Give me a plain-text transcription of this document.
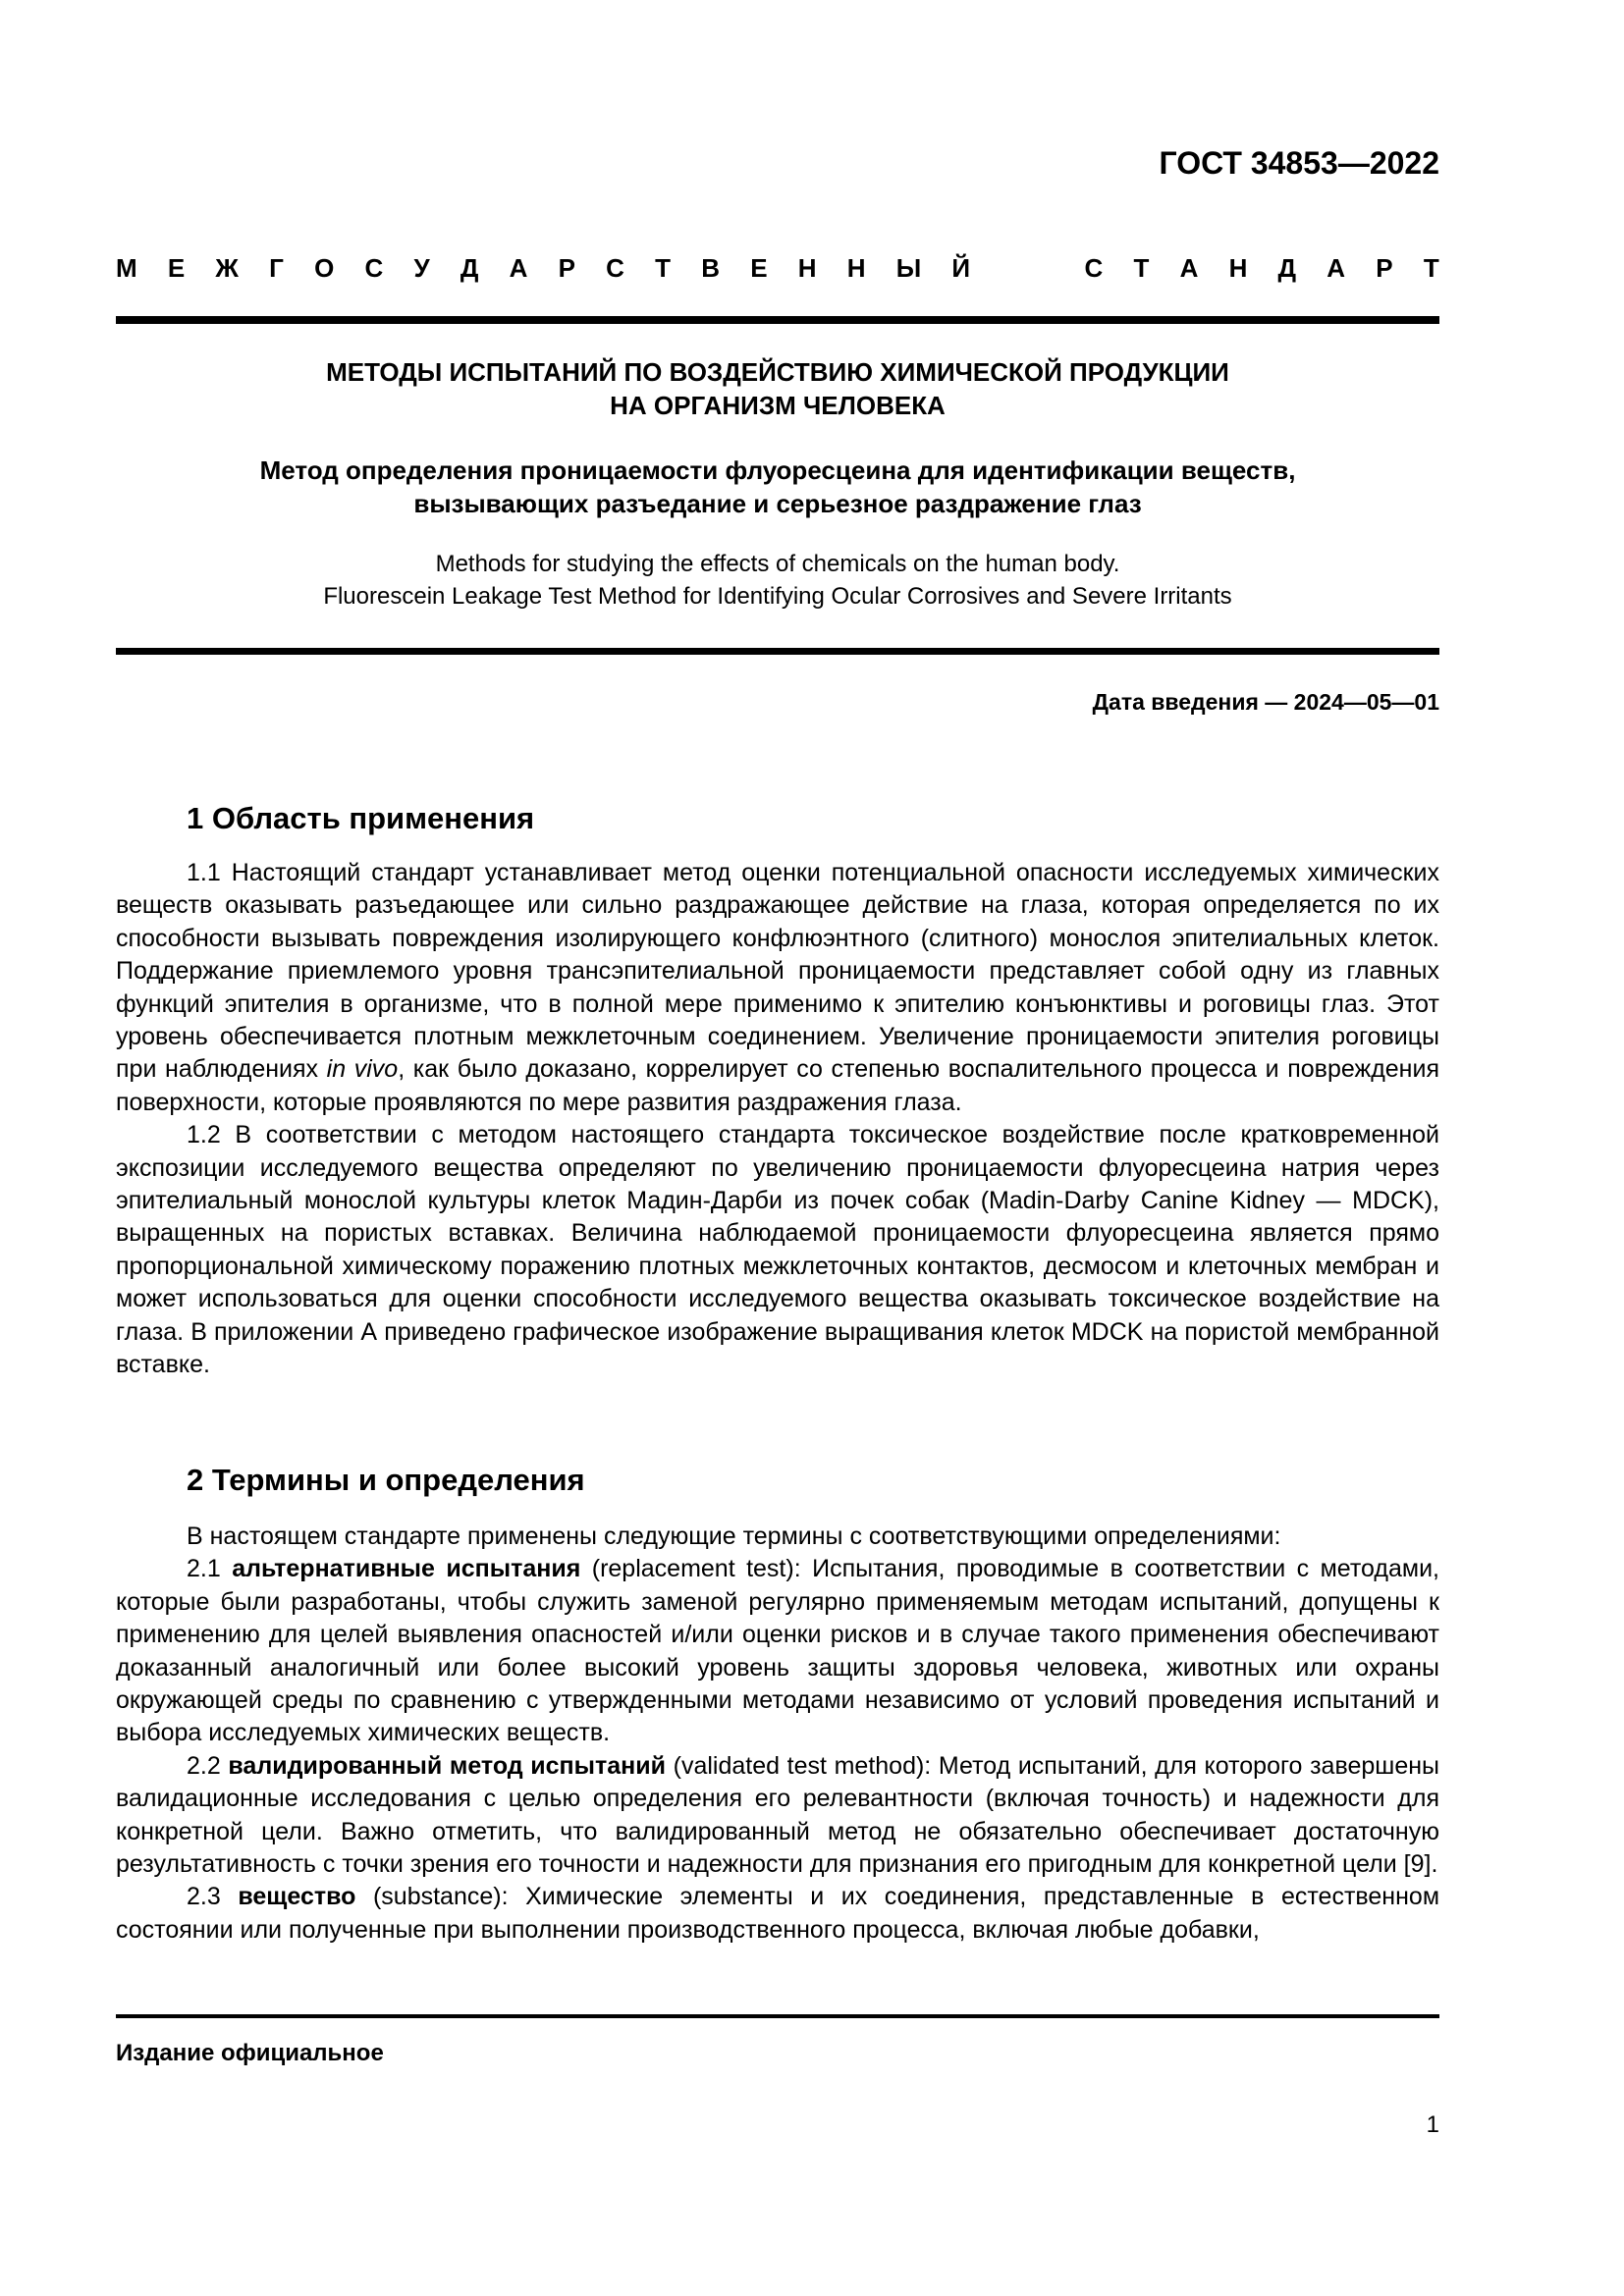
ГОСТ 34853—2022
М Е Ж Г О С У Д А Р С Т В Е Н Н Ы Й	С Т А Н Д А Р Т
МЕТОДЫ ИСПЫТАНИЙ ПО ВОЗДЕЙСТВИЮ ХИМИЧЕСКОЙ ПРОДУКЦИИ
НА ОРГАНИЗМ ЧЕЛОВЕКА
Метод определения проницаемости флуоресцеина для идентификации веществ,
вызывающих разъедание и серьезное раздражение глаз
Methods for studying the effects of chemicals on the human body.
Fluorescein Leakage Test Method for Identifying Ocular Corrosives and Severe Irritants
Дата введения — 2024—05—01
1 Область применения

1.1 Настоящий стандарт устанавливает метод оценки потенциальной опасности исследуемых химических веществ оказывать разъедающее или сильно раздражающее действие на глаза, которая определяется по их способности вызывать повреждения изолирующего конфлюэнтного (слитного) монослоя эпителиальных клеток. Поддержание приемлемого уровня трансэпителиальной проницаемости представляет собой одну из главных функций эпителия в организме, что в полной мере применимо к эпителию конъюнктивы и роговицы глаз. Этот уровень обеспечивается плотным межклеточным соединением. Увеличение проницаемости эпителия роговицы при наблюдениях in vivo, как было доказано, коррелирует со степенью воспалительного процесса и повреждения поверхности, которые проявляются по мере развития раздражения глаза.

1.2 В соответствии с методом настоящего стандарта токсическое воздействие после кратковременной экспозиции исследуемого вещества определяют по увеличению проницаемости флуоресцеина натрия через эпителиальный монослой культуры клеток Мадин-Дарби из почек собак (Madin-Darby Canine Kidney — MDCK), выращенных на пористых вставках. Величина наблюдаемой проницаемости флуоресцеина является прямо пропорциональной химическому поражению плотных межклеточных контактов, десмосом и клеточных мембран и может использоваться для оценки способности исследуемого вещества оказывать токсическое воздействие на глаза. В приложении А приведено графическое изображение выращивания клеток MDCK на пористой мембранной вставке.

2 Термины и определения

В настоящем стандарте применены следующие термины с соответствующими определениями:

2.1 альтернативные испытания (replacement test): Испытания, проводимые в соответствии с методами, которые были разработаны, чтобы служить заменой регулярно применяемым методам испытаний, допущены к применению для целей выявления опасностей и/или оценки рисков и в случае такого применения обеспечивают доказанный аналогичный или более высокий уровень защиты здоровья человека, животных или охраны окружающей среды по сравнению с утвержденными методами независимо от условий проведения испытаний и выбора исследуемых химических веществ.

2.2 валидированный метод испытаний (validated test method): Метод испытаний, для которого завершены валидационные исследования с целью определения его релевантности (включая точность) и надежности для конкретной цели. Важно отметить, что валидированный метод не обязательно обеспечивает достаточную результативность с точки зрения его точности и надежности для признания его пригодным для конкретной цели [9].

2.3 вещество (substance): Химические элементы и их соединения, представленные в естественном состоянии или полученные при выполнении производственного процесса, включая любые добавки,

Издание официальное
1
